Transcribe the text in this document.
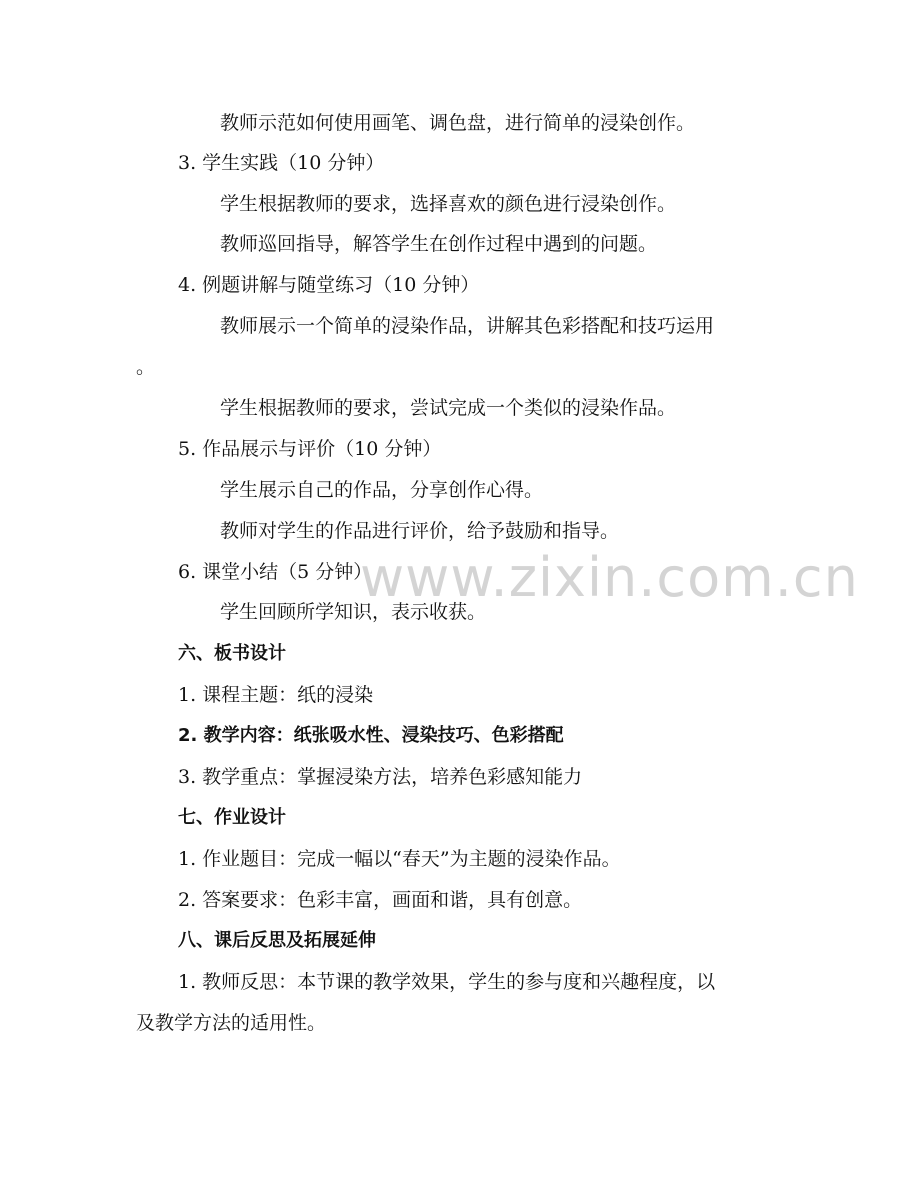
www.zixin.com.cn
教师示范如何使用画笔、调色盘，进行简单的浸染创作。
3. 学生实践（10 分钟）
学生根据教师的要求，选择喜欢的颜色进行浸染创作。
教师巡回指导，解答学生在创作过程中遇到的问题。
4. 例题讲解与随堂练习（10 分钟）
教师展示一个简单的浸染作品，讲解其色彩搭配和技巧运用
。
学生根据教师的要求，尝试完成一个类似的浸染作品。
5. 作品展示与评价（10 分钟）
学生展示自己的作品，分享创作心得。
教师对学生的作品进行评价，给予鼓励和指导。
6. 课堂小结（5 分钟）
学生回顾所学知识，表示收获。
六、板书设计
1. 课程主题：纸的浸染
2. 教学内容：纸张吸水性、浸染技巧、色彩搭配
3. 教学重点：掌握浸染方法，培养色彩感知能力
七、作业设计
1. 作业题目：完成一幅以“春天”为主题的浸染作品。
2. 答案要求：色彩丰富，画面和谐，具有创意。
八、课后反思及拓展延伸
1. 教师反思：本节课的教学效果，学生的参与度和兴趣程度，以
及教学方法的适用性。
